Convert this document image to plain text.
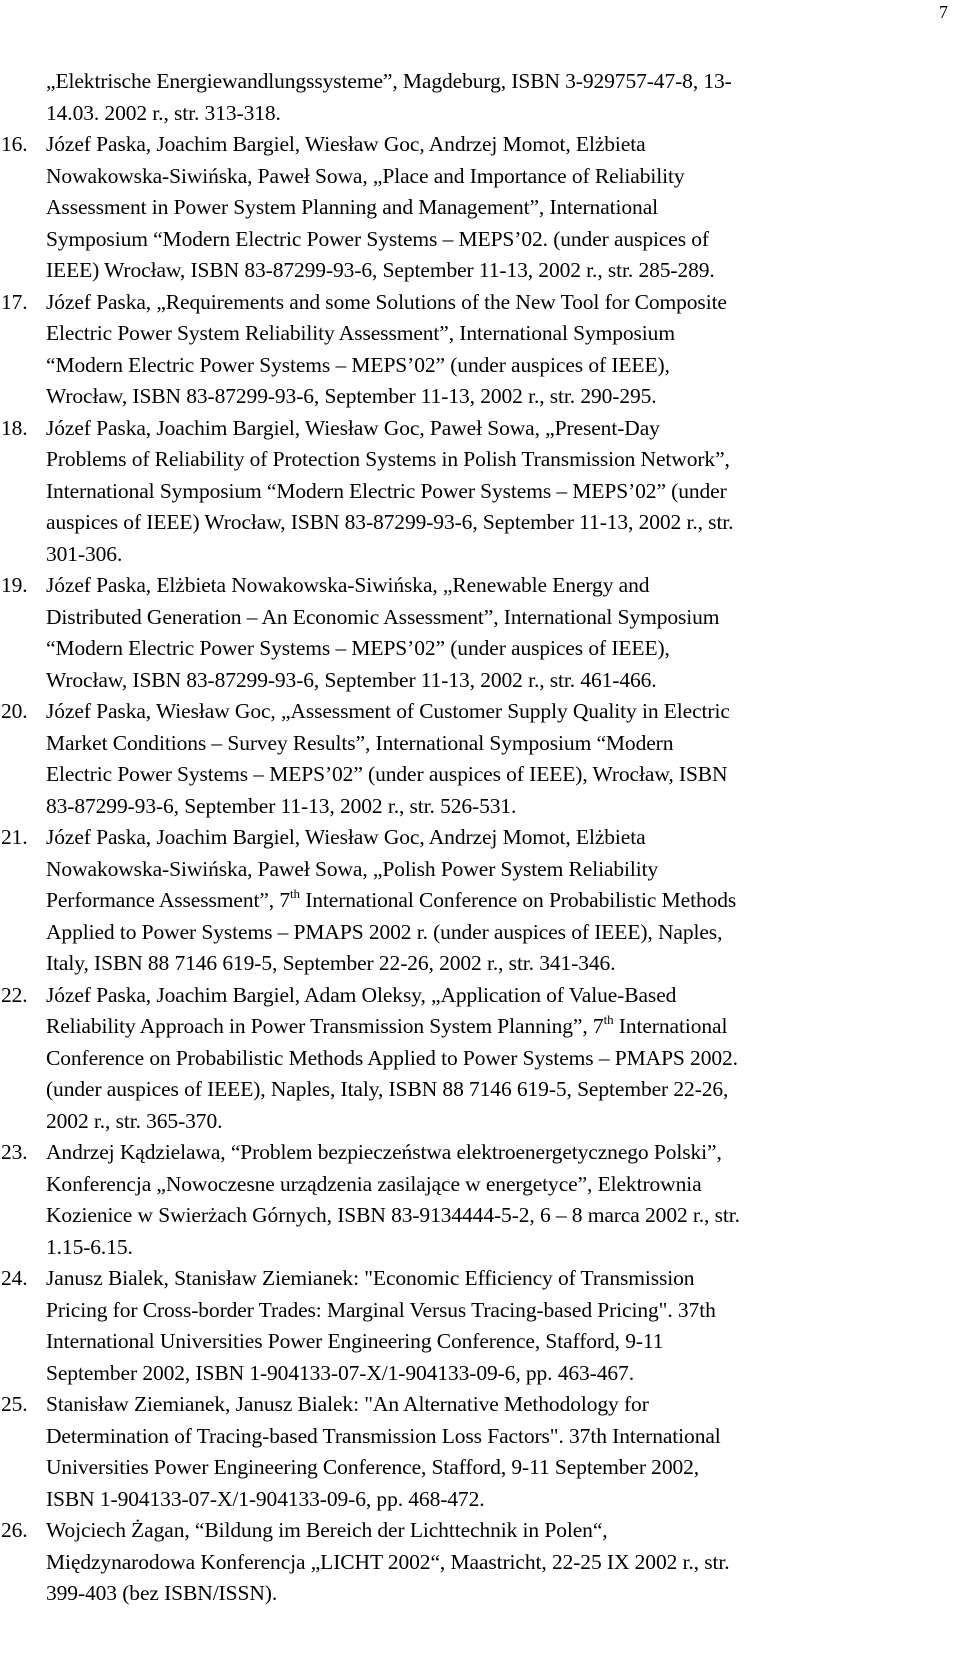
7

„Elektrische Energiewandlungssysteme”, Magdeburg, ISBN 3-929757-47-8, 13-

14.03. 2002 r., str. 313-318.

16. Józef Paska, Joachim Bargiel, Wiesław Goc, Andrzej Momot, Elżbieta

Nowakowska-Siwińska, Paweł Sowa, „Place and Importance of Reliability

Assessment in Power System Planning and Management”, International

Symposium “Modern Electric Power Systems – MEPS’02. (under auspices of

IEEE) Wrocław, ISBN 83-87299-93-6, September 11-13, 2002 r., str. 285-289.

17. Józef Paska, „Requirements and some Solutions of the New Tool for Composite

Electric Power System Reliability Assessment”, International Symposium

“Modern Electric Power Systems – MEPS’02” (under auspices of IEEE),

Wrocław, ISBN 83-87299-93-6, September 11-13, 2002 r., str. 290-295.

18. Józef Paska, Joachim Bargiel, Wiesław Goc, Paweł Sowa, „Present-Day

Problems of Reliability of Protection Systems in Polish Transmission Network”,

International Symposium “Modern Electric Power Systems – MEPS’02” (under

auspices of IEEE) Wrocław, ISBN 83-87299-93-6, September 11-13, 2002 r., str.

301-306.

19. Józef Paska, Elżbieta Nowakowska-Siwińska, „Renewable Energy and

Distributed Generation – An Economic Assessment”, International Symposium

“Modern Electric Power Systems – MEPS’02” (under auspices of IEEE),

Wrocław, ISBN 83-87299-93-6, September 11-13, 2002 r., str. 461-466.

20. Józef Paska, Wiesław Goc, „Assessment of Customer Supply Quality in Electric

Market Conditions – Survey Results”, International Symposium “Modern

Electric Power Systems – MEPS’02” (under auspices of IEEE), Wrocław, ISBN

83-87299-93-6, September 11-13, 2002 r., str. 526-531.

21. Józef Paska, Joachim Bargiel, Wiesław Goc, Andrzej Momot, Elżbieta

Nowakowska-Siwińska, Paweł Sowa, „Polish Power System Reliability

Performance Assessment”, 7th International Conference on Probabilistic Methods

Applied to Power Systems – PMAPS 2002 r. (under auspices of IEEE), Naples,

Italy, ISBN 88 7146 619-5, September 22-26, 2002 r., str. 341-346.

22. Józef Paska, Joachim Bargiel, Adam Oleksy, „Application of Value-Based

Reliability Approach in Power Transmission System Planning”, 7th International

Conference on Probabilistic Methods Applied to Power Systems – PMAPS 2002.

(under auspices of IEEE), Naples, Italy, ISBN 88 7146 619-5, September 22-26,

2002 r., str. 365-370.

23. Andrzej Kądzielawa, “Problem bezpieczeństwa elektroenergetycznego Polski”,

Konferencja „Nowoczesne urządzenia zasilające w energetyce”, Elektrownia

Kozienice w Swierżach Górnych, ISBN 83-9134444-5-2, 6 – 8 marca 2002 r., str.

1.15-6.15.

24. Janusz Bialek, Stanisław Ziemianek: "Economic Efficiency of Transmission

Pricing for Cross-border Trades: Marginal Versus Tracing-based Pricing". 37th

International Universities Power Engineering Conference, Stafford, 9-11

September 2002, ISBN 1-904133-07-X/1-904133-09-6, pp. 463-467.

25. Stanisław Ziemianek, Janusz Bialek: "An Alternative Methodology for

Determination of Tracing-based Transmission Loss Factors". 37th International

Universities Power Engineering Conference, Stafford, 9-11 September 2002,

ISBN 1-904133-07-X/1-904133-09-6, pp. 468-472.

26. Wojciech Żagan, “Bildung im Bereich der Lichttechnik in Polen“,

Międzynarodowa Konferencja „LICHT 2002“, Maastricht, 22-25 IX 2002 r., str.

399-403 (bez ISBN/ISSN).
